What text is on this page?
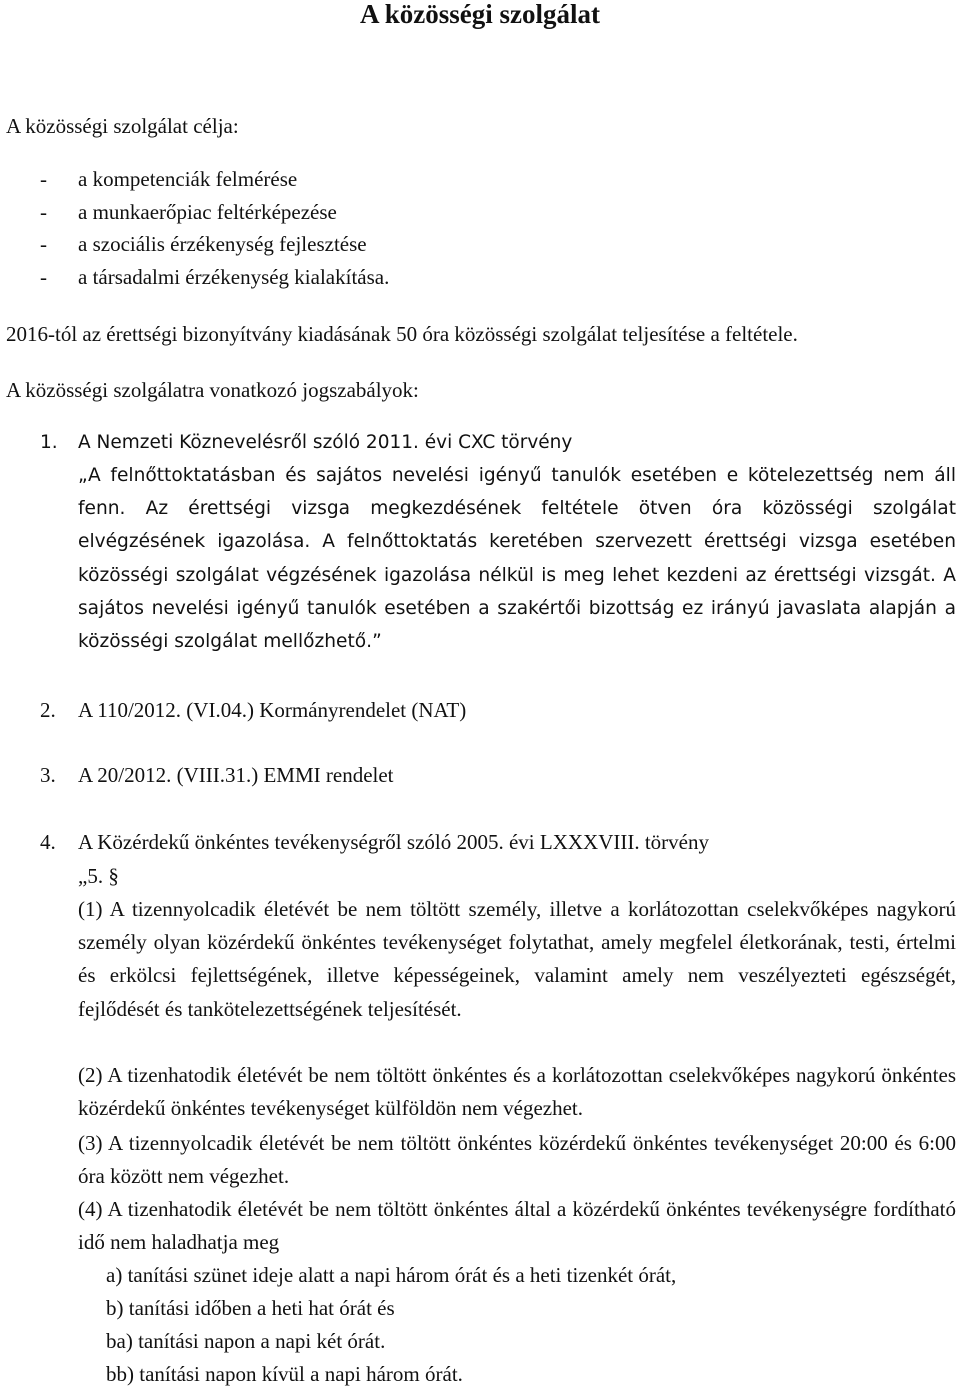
A közösségi szolgálat
A közösségi szolgálat célja:
- a kompetenciák felmérése
- a munkaerőpiac feltérképezése
- a szociális érzékenység fejlesztése
- a társadalmi érzékenység kialakítása.
2016-tól az érettségi bizonyítvány kiadásának 50 óra közösségi szolgálat teljesítése a feltétele.
A közösségi szolgálatra vonatkozó jogszabályok:
1. A Nemzeti Köznevelésről szóló 2011. évi CXC törvény

„A felnőttoktatásban és sajátos nevelési igényű tanulók esetében e kötelezettség nem áll fenn. Az érettségi vizsga megkezdésének feltétele ötven óra közösségi szolgálat elvégzésének igazolása. A felnőttoktatás keretében szervezett érettségi vizsga esetében közösségi szolgálat végzésének igazolása nélkül is meg lehet kezdeni az érettségi vizsgát. A sajátos nevelési igényű tanulók esetében a szakértői bizottság ez irányú javaslata alapján a közösségi szolgálat mellőzhető.”

2. A 110/2012. (VI.04.) Kormányrendelet (NAT)
3. A 20/2012. (VIII.31.) EMMI rendelet
4. A Közérdekű önkéntes tevékenységről szóló 2005. évi LXXXVIII. törvény
„5. §

(1) A tizennyolcadik életévét be nem töltött személy, illetve a korlátozottan cselekvőképes nagykorú személy olyan közérdekű önkéntes tevékenységet folytathat, amely megfelel életkorának, testi, értelmi és erkölcsi fejlettségének, illetve képességeinek, valamint amely nem veszélyezteti egészségét, fejlődését és tankötelezettségének teljesítését.

(2) A tizenhatodik életévét be nem töltött önkéntes és a korlátozottan cselekvőképes nagykorú önkéntes közérdekű önkéntes tevékenységet külföldön nem végezhet.

(3) A tizennyolcadik életévét be nem töltött önkéntes közérdekű önkéntes tevékenységet 20:00 és 6:00 óra között nem végezhet.

(4) A tizenhatodik életévét be nem töltött önkéntes által a közérdekű önkéntes tevékenységre fordítható idő nem haladhatja meg

a) tanítási szünet ideje alatt a napi három órát és a heti tizenkét órát,

b) tanítási időben a heti hat órát és

ba) tanítási napon a napi két órát.

bb) tanítási napon kívül a napi három órát.
